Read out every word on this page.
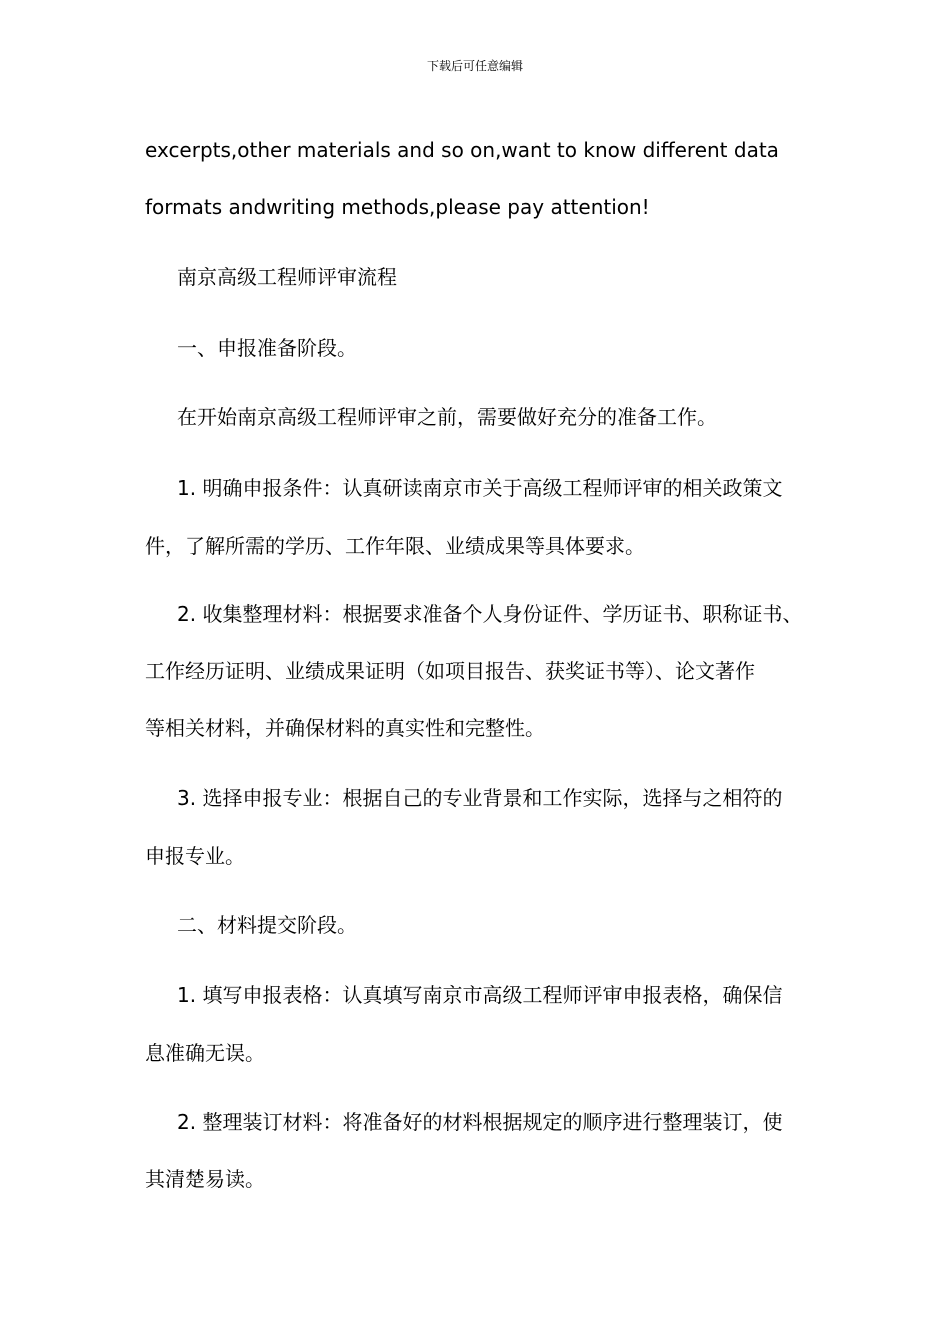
下载后可任意编辑
excerpts,other materials and so on,want to know different data
formats andwriting methods,please pay attention!
南京高级工程师评审流程
一、申报准备阶段。
在开始南京高级工程师评审之前，需要做好充分的准备工作。
1. 明确申报条件：认真研读南京市关于高级工程师评审的相关政策文
件，了解所需的学历、工作年限、业绩成果等具体要求。
2. 收集整理材料：根据要求准备个人身份证件、学历证书、职称证书、
工作经历证明、业绩成果证明（如项目报告、获奖证书等）、论文著作
等相关材料，并确保材料的真实性和完整性。
3. 选择申报专业：根据自己的专业背景和工作实际，选择与之相符的
申报专业。
二、材料提交阶段。
1. 填写申报表格：认真填写南京市高级工程师评审申报表格，确保信
息准确无误。
2. 整理装订材料：将准备好的材料根据规定的顺序进行整理装订，使
其清楚易读。
